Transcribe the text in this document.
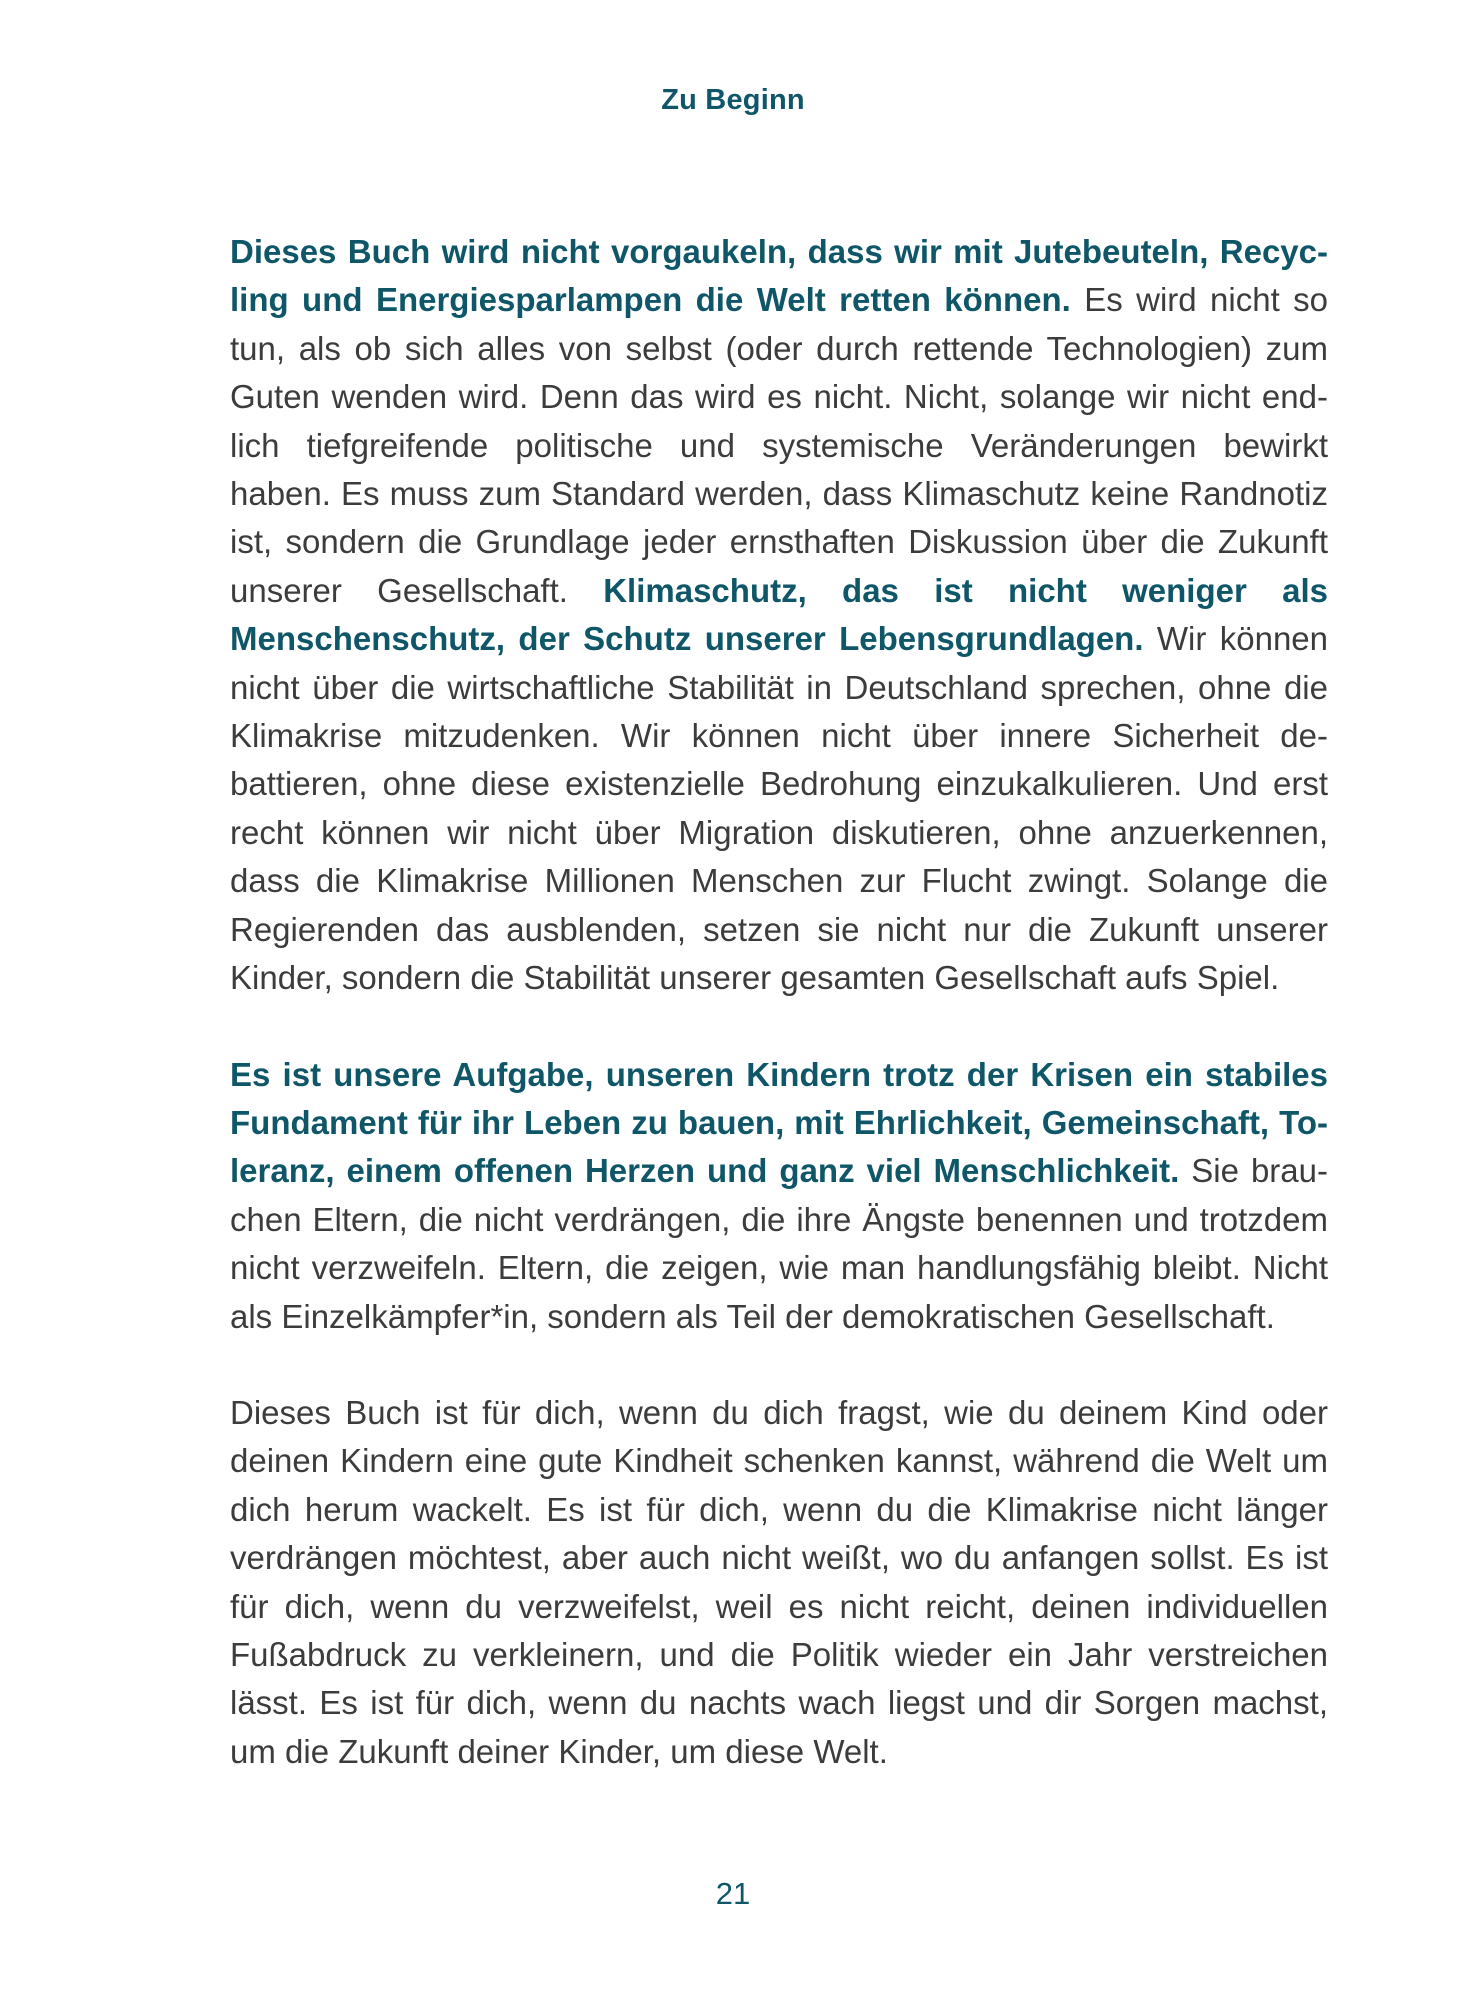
Zu Beginn

Dieses Buch wird nicht vorgaukeln, dass wir mit Jutebeuteln, Recycling und Energiesparlampen die Welt retten können. Es wird nicht so tun, als ob sich alles von selbst (oder durch rettende Technologien) zum Guten wenden wird. Denn das wird es nicht. Nicht, solange wir nicht endlich tiefgreifende politische und systemische Veränderungen bewirkt haben. Es muss zum Standard werden, dass Klimaschutz keine Randnotiz ist, sondern die Grundlage jeder ernsthaften Diskussion über die Zukunft unserer Gesellschaft. Klimaschutz, das ist nicht weniger als Menschenschutz, der Schutz unserer Lebensgrundlagen. Wir können nicht über die wirtschaftliche Stabilität in Deutschland sprechen, ohne die Klimakrise mitzudenken. Wir können nicht über innere Sicherheit debattieren, ohne diese existenzielle Bedrohung einzukalkulieren. Und erst recht können wir nicht über Migration diskutieren, ohne anzuerkennen, dass die Klimakrise Millionen Menschen zur Flucht zwingt. Solange die Regierenden das ausblenden, setzen sie nicht nur die Zukunft unserer Kinder, sondern die Stabilität unserer gesamten Gesellschaft aufs Spiel.

Es ist unsere Aufgabe, unseren Kindern trotz der Krisen ein stabiles Fundament für ihr Leben zu bauen, mit Ehrlichkeit, Gemeinschaft, Toleranz, einem offenen Herzen und ganz viel Menschlichkeit. Sie brauchen Eltern, die nicht verdrängen, die ihre Ängste benennen und trotzdem nicht verzweifeln. Eltern, die zeigen, wie man handlungsfähig bleibt. Nicht als Einzelkämpfer*in, sondern als Teil der demokratischen Gesellschaft.

Dieses Buch ist für dich, wenn du dich fragst, wie du deinem Kind oder deinen Kindern eine gute Kindheit schenken kannst, während die Welt um dich herum wackelt. Es ist für dich, wenn du die Klimakrise nicht länger verdrängen möchtest, aber auch nicht weißt, wo du anfangen sollst. Es ist für dich, wenn du verzweifelst, weil es nicht reicht, deinen individuellen Fußabdruck zu verkleinern, und die Politik wieder ein Jahr verstreichen lässt. Es ist für dich, wenn du nachts wach liegst und dir Sorgen machst, um die Zukunft deiner Kinder, um diese Welt.

21
